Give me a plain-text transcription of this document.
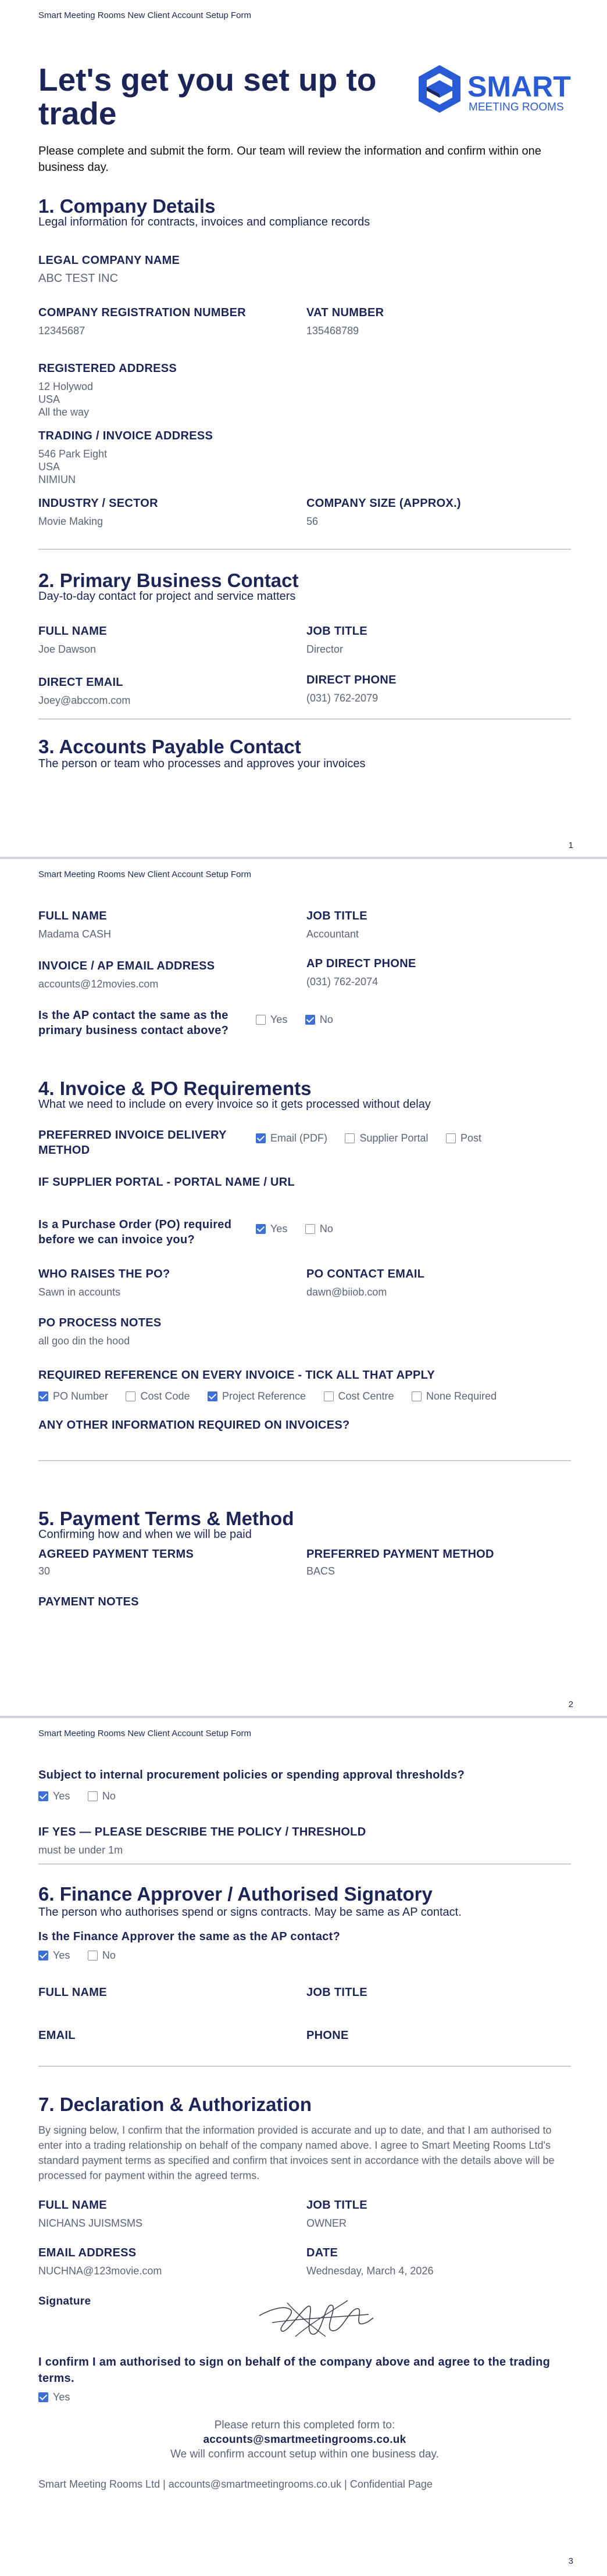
Smart Meeting Rooms New Client Account Setup Form
Let's get you set up to trade
SMART
MEETING ROOMS
Please complete and submit the form. Our team will review the information and confirm within one business day.
1. Company Details
Legal information for contracts, invoices and compliance records
LEGAL COMPANY NAME
ABC TEST INC
COMPANY REGISTRATION NUMBER
12345687
VAT NUMBER
135468789
REGISTERED ADDRESS
12 Holywod
USA
All the way
TRADING / INVOICE ADDRESS
546 Park Eight
USA
NIMIUN
INDUSTRY / SECTOR
Movie Making
COMPANY SIZE (APPROX.)
56
2. Primary Business Contact
Day-to-day contact for project and service matters
FULL NAME
Joe Dawson
JOB TITLE
Director
DIRECT EMAIL
Joey@abccom.com
DIRECT PHONE
(031) 762-2079
3. Accounts Payable Contact
The person or team who processes and approves your invoices
1
Smart Meeting Rooms New Client Account Setup Form
FULL NAME
Madama CASH
JOB TITLE
Accountant
INVOICE / AP EMAIL ADDRESS
accounts@12movies.com
AP DIRECT PHONE
(031) 762-2074
Is the AP contact the same as the primary business contact above?
Yes	No
4. Invoice & PO Requirements
What we need to include on every invoice so it gets processed without delay
PREFERRED INVOICE DELIVERY METHOD
Email (PDF)	Supplier Portal	Post
IF SUPPLIER PORTAL - PORTAL NAME / URL
Is a Purchase Order (PO) required before we can invoice you?
Yes	No
WHO RAISES THE PO?
Sawn in accounts
PO CONTACT EMAIL
dawn@biiob.com
PO PROCESS NOTES
all goo din the hood
REQUIRED REFERENCE ON EVERY INVOICE - TICK ALL THAT APPLY
PO Number	Cost Code	Project Reference	Cost Centre	None Required
ANY OTHER INFORMATION REQUIRED ON INVOICES?
5. Payment Terms & Method
Confirming how and when we will be paid
AGREED PAYMENT TERMS
30
PREFERRED PAYMENT METHOD
BACS
PAYMENT NOTES
2
Smart Meeting Rooms New Client Account Setup Form
Subject to internal procurement policies or spending approval thresholds?
Yes	No
IF YES — PLEASE DESCRIBE THE POLICY / THRESHOLD
must be under 1m
6. Finance Approver / Authorised Signatory
The person who authorises spend or signs contracts. May be same as AP contact.
Is the Finance Approver the same as the AP contact?
Yes	No
FULL NAME	JOB TITLE
EMAIL	PHONE
7. Declaration & Authorization
By signing below, I confirm that the information provided is accurate and up to date, and that I am authorised to enter into a trading relationship on behalf of the company named above. I agree to Smart Meeting Rooms Ltd's standard payment terms as specified and confirm that invoices sent in accordance with the details above will be processed for payment within the agreed terms.
FULL NAME
NICHANS JUISMSMS
JOB TITLE
OWNER
EMAIL ADDRESS
NUCHNA@123movie.com
DATE
Wednesday, March 4, 2026
Signature
I confirm I am authorised to sign on behalf of the company above and agree to the trading terms.
Yes
Please return this completed form to:
accounts@smartmeetingrooms.co.uk
We will confirm account setup within one business day.
Smart Meeting Rooms Ltd | accounts@smartmeetingrooms.co.uk | Confidential Page
3
